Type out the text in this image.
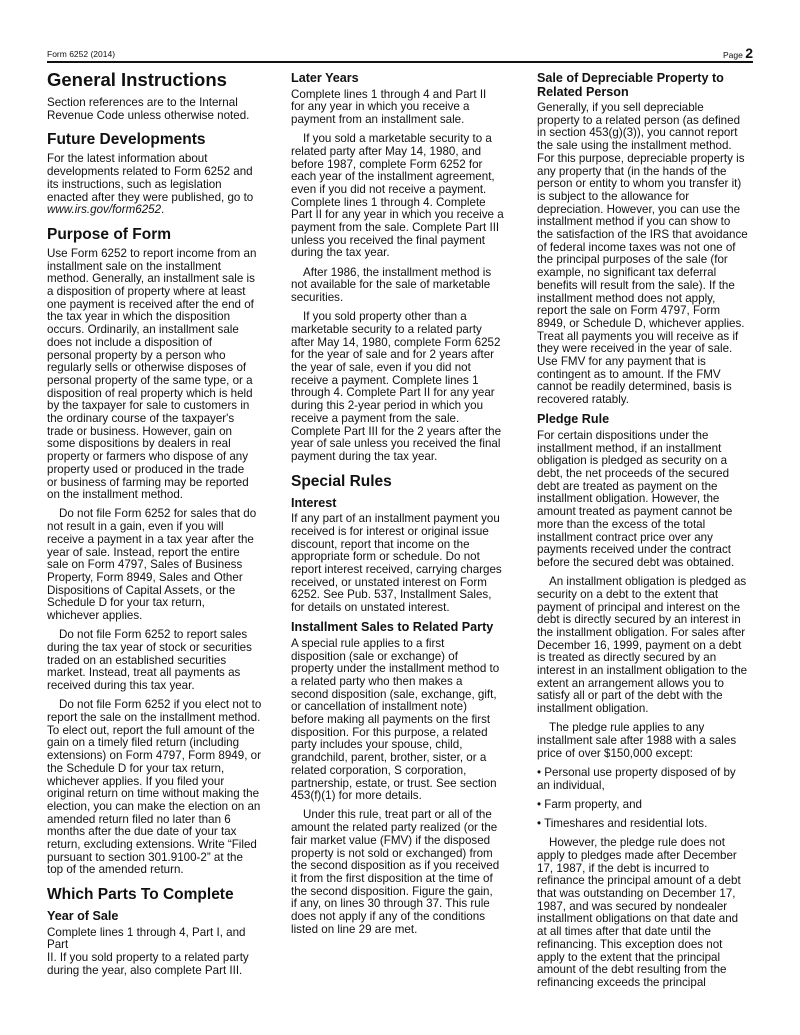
Form 6252 (2014)	Page 2
General Instructions
Section references are to the Internal
Revenue Code unless otherwise noted.
Future Developments
For the latest information about
developments related to Form 6252 and
its instructions, such as legislation
enacted after they were published, go to
www.irs.gov/form6252.
Purpose of Form
Use Form 6252 to report income from an
installment sale on the installment
method. Generally, an installment sale is
a disposition of property where at least
one payment is received after the end of
the tax year in which the disposition
occurs. Ordinarily, an installment sale
does not include a disposition of
personal property by a person who
regularly sells or otherwise disposes of
personal property of the same type, or a
disposition of real property which is held
by the taxpayer for sale to customers in
the ordinary course of the taxpayer's
trade or business. However, gain on
some dispositions by dealers in real
property or farmers who dispose of any
property used or produced in the trade
or business of farming may be reported
on the installment method.
Do not file Form 6252 for sales that do
not result in a gain, even if you will
receive a payment in a tax year after the
year of sale. Instead, report the entire
sale on Form 4797, Sales of Business
Property, Form 8949, Sales and Other
Dispositions of Capital Assets, or the
Schedule D for your tax return,
whichever applies.
Do not file Form 6252 to report sales
during the tax year of stock or securities
traded on an established securities
market. Instead, treat all payments as
received during this tax year.
Do not file Form 6252 if you elect not to
report the sale on the installment method.
To elect out, report the full amount of the
gain on a timely filed return (including
extensions) on Form 4797, Form 8949, or
the Schedule D for your tax return,
whichever applies. If you filed your
original return on time without making the
election, you can make the election on an
amended return filed no later than 6
months after the due date of your tax
return, excluding extensions. Write “Filed
pursuant to section 301.9100-2” at the
top of the amended return.
Which Parts To Complete
Year of Sale
Complete lines 1 through 4, Part I, and Part
II. If you sold property to a related party
during the year, also complete Part III.
Later Years
Complete lines 1 through 4 and Part II
for any year in which you receive a
payment from an installment sale.
If you sold a marketable security to a
related party after May 14, 1980, and
before 1987, complete Form 6252 for
each year of the installment agreement,
even if you did not receive a payment.
Complete lines 1 through 4. Complete
Part II for any year in which you receive a
payment from the sale. Complete Part III
unless you received the final payment
during the tax year.
After 1986, the installment method is
not available for the sale of marketable
securities.
If you sold property other than a
marketable security to a related party
after May 14, 1980, complete Form 6252
for the year of sale and for 2 years after
the year of sale, even if you did not
receive a payment. Complete lines 1
through 4. Complete Part II for any year
during this 2-year period in which you
receive a payment from the sale.
Complete Part III for the 2 years after the
year of sale unless you received the final
payment during the tax year.
Special Rules
Interest
If any part of an installment payment you
received is for interest or original issue
discount, report that income on the
appropriate form or schedule. Do not
report interest received, carrying charges
received, or unstated interest on Form
6252. See Pub. 537, Installment Sales,
for details on unstated interest.
Installment Sales to Related Party
A special rule applies to a first
disposition (sale or exchange) of
property under the installment method to
a related party who then makes a
second disposition (sale, exchange, gift,
or cancellation of installment note)
before making all payments on the first
disposition. For this purpose, a related
party includes your spouse, child,
grandchild, parent, brother, sister, or a
related corporation, S corporation,
partnership, estate, or trust. See section
453(f)(1) for more details.
Under this rule, treat part or all of the
amount the related party realized (or the
fair market value (FMV) if the disposed
property is not sold or exchanged) from
the second disposition as if you received
it from the first disposition at the time of
the second disposition. Figure the gain,
if any, on lines 30 through 37. This rule
does not apply if any of the conditions
listed on line 29 are met.
Sale of Depreciable Property to Related Person
Generally, if you sell depreciable
property to a related person (as defined
in section 453(g)(3)), you cannot report
the sale using the installment method.
For this purpose, depreciable property is
any property that (in the hands of the
person or entity to whom you transfer it)
is subject to the allowance for
depreciation. However, you can use the
installment method if you can show to
the satisfaction of the IRS that avoidance
of federal income taxes was not one of
the principal purposes of the sale (for
example, no significant tax deferral
benefits will result from the sale). If the
installment method does not apply,
report the sale on Form 4797, Form
8949, or Schedule D, whichever applies.
Treat all payments you will receive as if
they were received in the year of sale.
Use FMV for any payment that is
contingent as to amount. If the FMV
cannot be readily determined, basis is
recovered ratably.
Pledge Rule
For certain dispositions under the
installment method, if an installment
obligation is pledged as security on a
debt, the net proceeds of the secured
debt are treated as payment on the
installment obligation. However, the
amount treated as payment cannot be
more than the excess of the total
installment contract price over any
payments received under the contract
before the secured debt was obtained.
An installment obligation is pledged as
security on a debt to the extent that
payment of principal and interest on the
debt is directly secured by an interest in
the installment obligation. For sales after
December 16, 1999, payment on a debt
is treated as directly secured by an
interest in an installment obligation to the
extent an arrangement allows you to
satisfy all or part of the debt with the
installment obligation.
The pledge rule applies to any
installment sale after 1988 with a sales
price of over $150,000 except:
• Personal use property disposed of by
an individual,
• Farm property, and
• Timeshares and residential lots.
However, the pledge rule does not
apply to pledges made after December
17, 1987, if the debt is incurred to
refinance the principal amount of a debt
that was outstanding on December 17,
1987, and was secured by nondealer
installment obligations on that date and
at all times after that date until the
refinancing. This exception does not
apply to the extent that the principal
amount of the debt resulting from the
refinancing exceeds the principal
